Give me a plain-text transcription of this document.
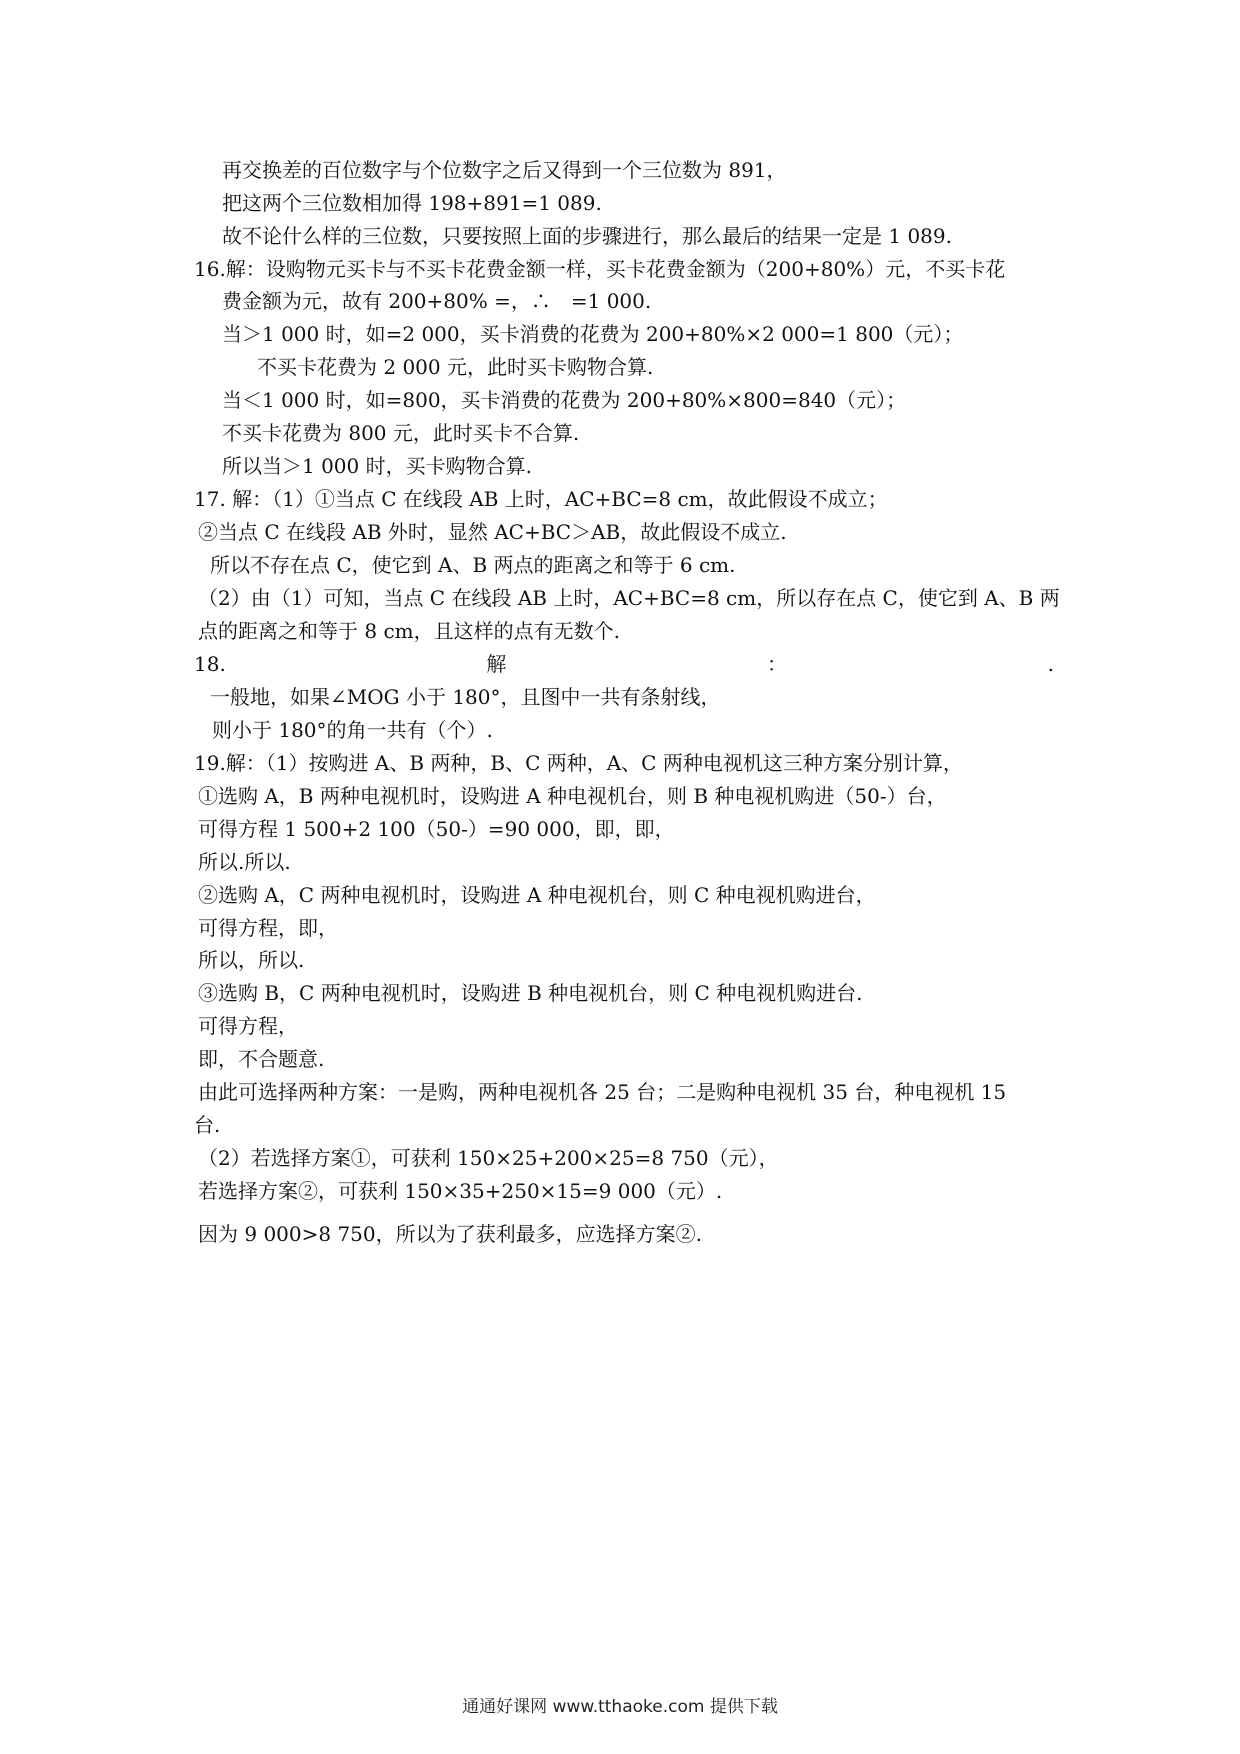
再交换差的百位数字与个位数字之后又得到一个三位数为 891，
把这两个三位数相加得 198+891=1 089.
故不论什么样的三位数，只要按照上面的步骤进行，那么最后的结果一定是 1 089.
16.解：设购物元买卡与不买卡花费金额一样，买卡花费金额为（200+80%）元，不买卡花
费金额为元，故有 200+80% =，∴　=1 000.
当＞1 000 时，如=2 000，买卡消费的花费为 200+80%×2 000=1 800（元）；
不买卡花费为 2 000 元，此时买卡购物合算.
当＜1 000 时，如=800，买卡消费的花费为 200+80%×800=840（元）；
不买卡花费为 800 元，此时买卡不合算.
所以当＞1 000 时，买卡购物合算.
17. 解：（1）①当点 C 在线段 AB 上时，AC+BC=8 cm，故此假设不成立；
②当点 C 在线段 AB 外时，显然 AC+BC＞AB，故此假设不成立.
所以不存在点 C，使它到 A、B 两点的距离之和等于 6 cm.
（2）由（1）可知，当点 C 在线段 AB 上时，AC+BC=8 cm，所以存在点 C，使它到 A、B 两
点的距离之和等于 8 cm，且这样的点有无数个.
18.	解	：	.
一般地，如果∠MOG 小于 180°，且图中一共有条射线，
则小于 180°的角一共有（个）.
19.解：（1）按购进 A、B 两种，B、C 两种，A、C 两种电视机这三种方案分别计算，
①选购 A，B 两种电视机时，设购进 A 种电视机台，则 B 种电视机购进（50-）台，
可得方程 1 500+2 100（50-）=90 000，即，即，
所以.所以.
②选购 A，C 两种电视机时，设购进 A 种电视机台，则 C 种电视机购进台，
可得方程，即，
所以，所以.
③选购 B，C 两种电视机时，设购进 B 种电视机台，则 C 种电视机购进台.
可得方程，
即，不合题意.
由此可选择两种方案：一是购，两种电视机各 25 台；二是购种电视机 35 台，种电视机 15
台.
（2）若选择方案①，可获利 150×25+200×25=8 750（元），
若选择方案②，可获利 150×35+250×15=9 000（元）.
因为 9 000>8 750，所以为了获利最多，应选择方案②.
通通好课网 www.tthaoke.com 提供下载
